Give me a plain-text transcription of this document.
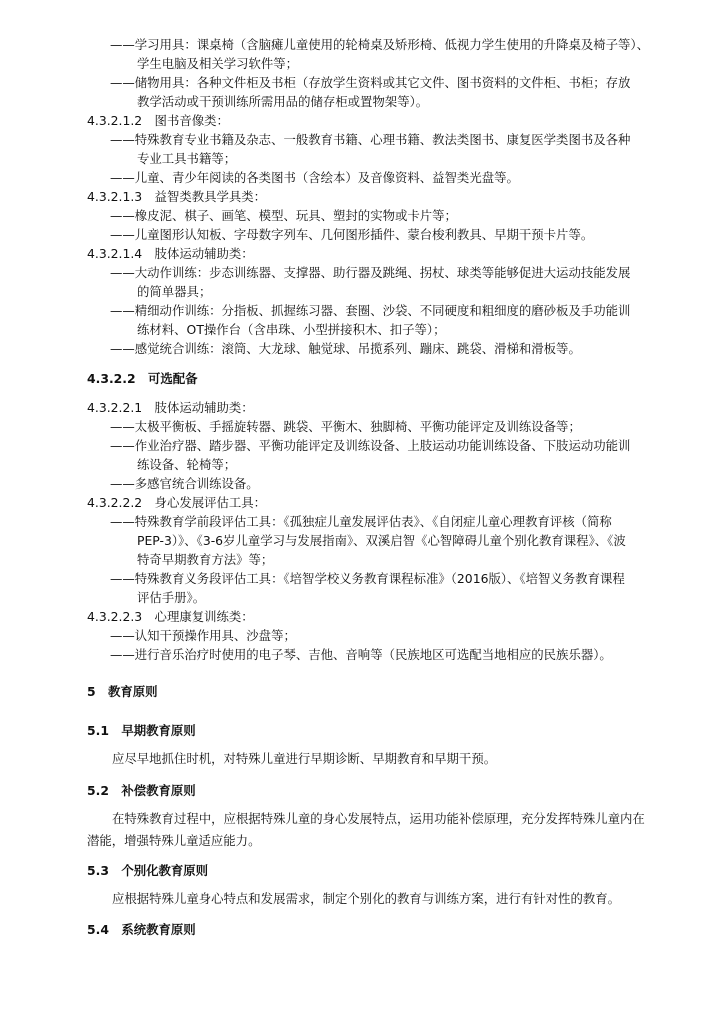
——学习用具：课桌椅（含脑瘫儿童使用的轮椅桌及矫形椅、低视力学生使用的升降桌及椅子等）、
学生电脑及相关学习软件等；
——储物用具：各种文件柜及书柜（存放学生资料或其它文件、图书资料的文件柜、书柜；存放
教学活动或干预训练所需用品的储存柜或置物架等）。
4.3.2.1.2　图书音像类：
——特殊教育专业书籍及杂志、一般教育书籍、心理书籍、教法类图书、康复医学类图书及各种
专业工具书籍等；
——儿童、青少年阅读的各类图书（含绘本）及音像资料、益智类光盘等。
4.3.2.1.3　益智类教具学具类：
——橡皮泥、棋子、画笔、模型、玩具、塑封的实物或卡片等；
——儿童图形认知板、字母数字列车、几何图形插件、蒙台梭利教具、早期干预卡片等。
4.3.2.1.4　肢体运动辅助类：
——大动作训练：步态训练器、支撑器、助行器及跳绳、拐杖、球类等能够促进大运动技能发展
的简单器具；
——精细动作训练：分指板、抓握练习器、套圈、沙袋、不同硬度和粗细度的磨砂板及手功能训
练材料、OT操作台（含串珠、小型拼接积木、扣子等）；
——感觉统合训练：滚筒、大龙球、触觉球、吊揽系列、蹦床、跳袋、滑梯和滑板等。
4.3.2.2　可选配备
4.3.2.2.1　肢体运动辅助类：
——太极平衡板、手摇旋转器、跳袋、平衡木、独脚椅、平衡功能评定及训练设备等；
——作业治疗器、踏步器、平衡功能评定及训练设备、上肢运动功能训练设备、下肢运动功能训
练设备、轮椅等；
——多感官统合训练设备。
4.3.2.2.2　身心发展评估工具：
——特殊教育学前段评估工具：《孤独症儿童发展评估表》、《自闭症儿童心理教育评核（简称
PEP-3）》、《3-6岁儿童学习与发展指南》、双溪启智《心智障碍儿童个别化教育课程》、《波
特奇早期教育方法》等；
——特殊教育义务段评估工具：《培智学校义务教育课程标准》（2016版）、《培智义务教育课程
评估手册》。
4.3.2.2.3　心理康复训练类：
——认知干预操作用具、沙盘等；
——进行音乐治疗时使用的电子琴、吉他、音响等（民族地区可选配当地相应的民族乐器）。
5　教育原则
5.1　早期教育原则
应尽早地抓住时机，对特殊儿童进行早期诊断、早期教育和早期干预。
5.2　补偿教育原则
在特殊教育过程中，应根据特殊儿童的身心发展特点，运用功能补偿原理，充分发挥特殊儿童内在
潜能，增强特殊儿童适应能力。
5.3　个别化教育原则
应根据特殊儿童身心特点和发展需求，制定个别化的教育与训练方案，进行有针对性的教育。
5.4　系统教育原则
